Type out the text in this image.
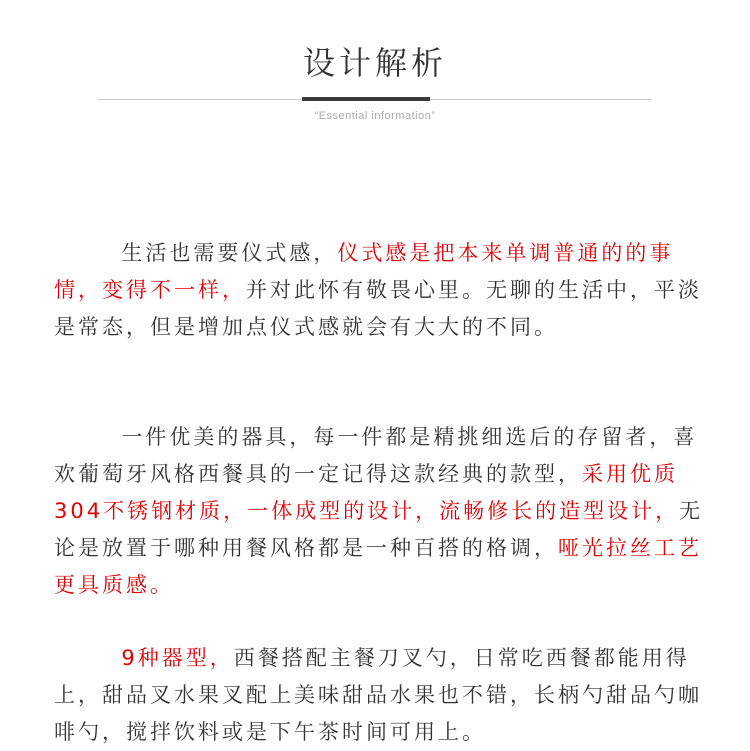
设计解析
“Essential information”

　　生活也需要仪式感，仪式感是把本来单调普通的的事情，变得不一样，并对此怀有敬畏心里。无聊的生活中，平淡是常态，但是增加点仪式感就会有大大的不同。

　　一件优美的器具，每一件都是精挑细选后的存留者，喜欢葡萄牙风格西餐具的一定记得这款经典的款型，采用优质304不锈钢材质，一体成型的设计，流畅修长的造型设计，无论是放置于哪种用餐风格都是一种百搭的格调，哑光拉丝工艺更具质感。

　　9种器型，西餐搭配主餐刀叉勺，日常吃西餐都能用得上，甜品叉水果叉配上美味甜品水果也不错，长柄勺甜品勺咖啡勺，搅拌饮料或是下午茶时间可用上。
